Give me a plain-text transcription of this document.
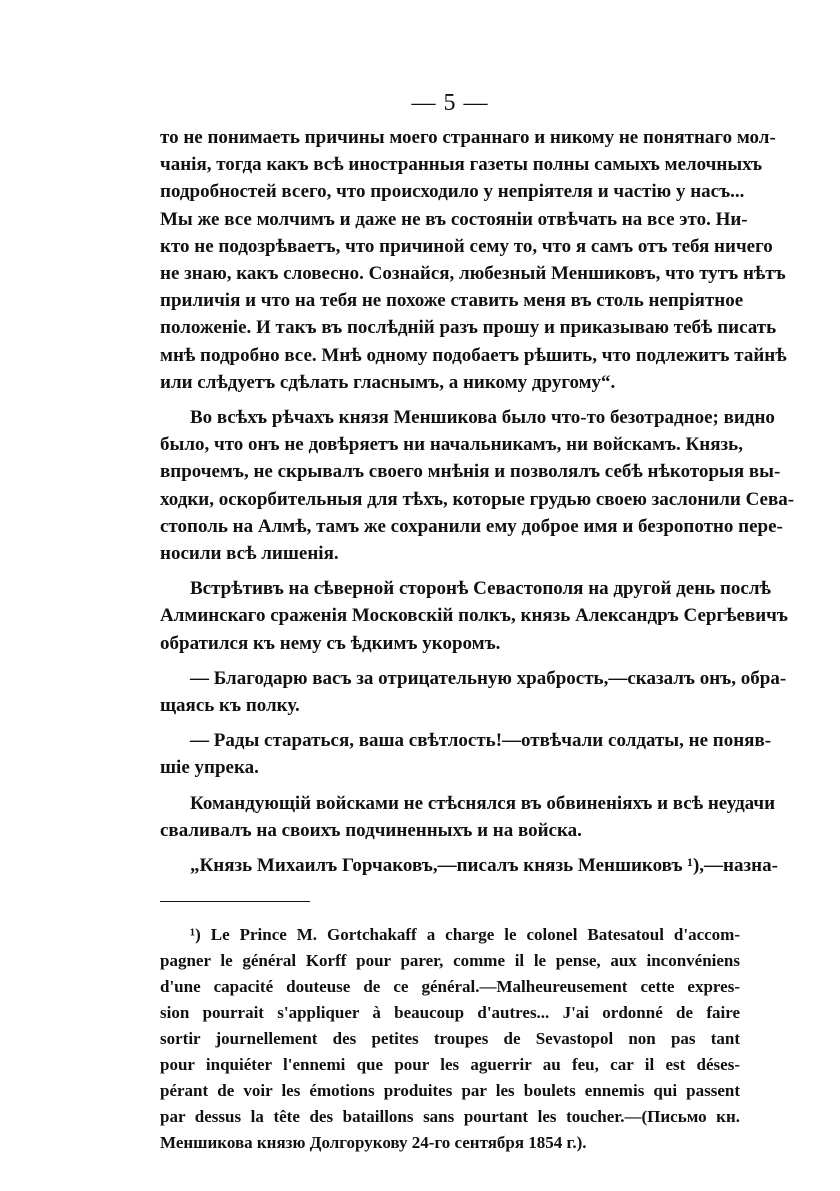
— 5 —
то не понимаеть причины моего страннаго и никому не понятнаго мол-
чанія, тогда какъ всѣ иностранныя газеты полны самыхъ мелочныхъ
подробностей всего, что происходило у непріятеля и частію у насъ...
Мы же все молчимъ и даже не въ состояніи отвѣчать на все это. Ни-
кто не подозрѣваетъ, что причиной сему то, что я самъ отъ тебя ничего
не знаю, какъ словесно. Сознайся, любезный Меншиковъ, что тутъ нѣтъ
приличія и что на тебя не похоже ставить меня въ столь непріятное
положеніе. И такъ въ послѣдній разъ прошу и приказываю тебѣ писать
мнѣ подробно все. Мнѣ одному подобаетъ рѣшить, что подлежитъ тайнѣ
или слѣдуетъ сдѣлать гласнымъ, а никому другому“.
Во всѣхъ рѣчахъ князя Меншикова было что-то безотрадное; видно
было, что онъ не довѣряетъ ни начальникамъ, ни войскамъ. Князь,
впрочемъ, не скрывалъ своего мнѣнія и позволялъ себѣ нѣкоторыя вы-
ходки, оскорбительныя для тѣхъ, которые грудью своею заслонили Сева-
стополь на Алмѣ, тамъ же сохранили ему доброе имя и безропотно пере-
носили всѣ лишенія.
Встрѣтивъ на сѣверной сторонѣ Севастополя на другой день послѣ
Алминскаго сраженія Московскій полкъ, князь Александръ Сергѣевичъ
обратился къ нему съ ѣдкимъ укоромъ.
— Благодарю васъ за отрицательную храбрость,—сказалъ онъ, обра-
щаясь къ полку.
— Рады стараться, ваша свѣтлость!—отвѣчали солдаты, не поняв-
шіе упрека.
Командующій войсками не стѣснялся въ обвиненіяхъ и всѣ неудачи
сваливалъ на своихъ подчиненныхъ и на войска.
„Князь Михаилъ Горчаковъ,—писалъ князь Меншиковъ ¹),—назна-
¹) Le Prince M. Gortchakaff a charge le colonel Batesatoul d'accom-
pagner le général Korff pour parer, comme il le pense, aux inconvéniens
d'une capacité douteuse de ce général.—Malheureusement cette expres-
sion pourrait s'appliquer à beaucoup d'autres... J'ai ordonné de faire
sortir journellement des petites troupes de Sevastopol non pas tant
pour inquiéter l'ennemi que pour les aguerrir au feu, car il est déses-
pérant de voir les émotions produites par les boulets ennemis qui passent
par dessus la tête des bataillons sans pourtant les toucher.—(Письмо кн.
Меншикова князю Долгорукову 24-го сентября 1854 г.).
